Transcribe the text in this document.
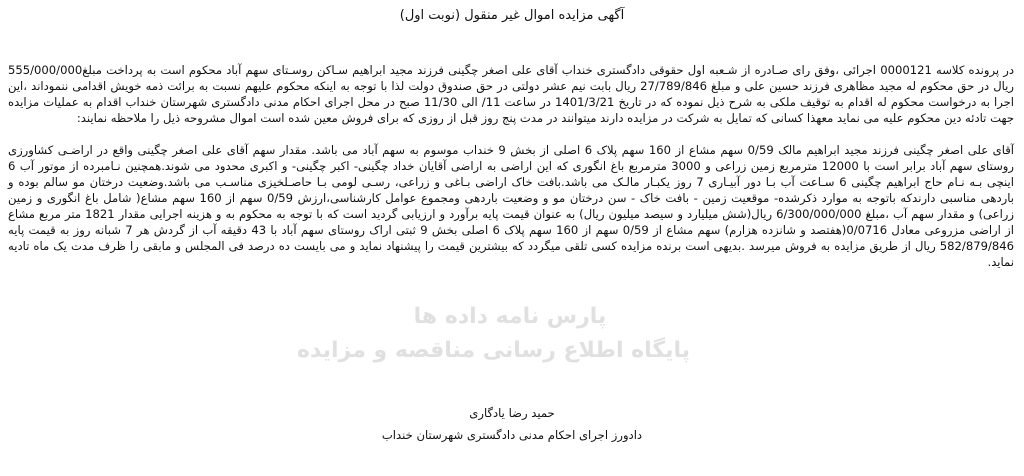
پارس نامه داده ها
پایگاه اطلاع رسانی مناقصه و مزایده
آگهی مزایده اموال غیر منقول (نوبت اول)

در پرونده کلاسه 0000121 اجرائی ،وفق رای صـادره از شـعبه اول حقوقی دادگستری خنداب آقای علی اصغر چگینی فرزند مجید ابراهیم سـاکن روسـتای سهم آباد محکوم است به پرداخت مبلغ555/000/000 ریال در حق محکوم له مجید مظاهری فرزند حسین علی و مبلغ 27/789/846 ریال بابت نیم عشر دولتی در حق صندوق دولت لذا با توجه به اینکه محکوم علیهم نسبت به برائت ذمه خویش اقدامی ننموداند ،این اجرا به درخواست محکوم له اقدام به توقیف ملکی به شرح ذیل نموده که در تاریخ 1401/3/21 در ساعت 11/ الی 11/30 صبح در محل اجرای احکام مدنی دادگستری شهرستان خنداب اقدام به عملیات مزایده جهت تادئه دین محکوم علیه می نماید معهذا کسانی که تمایل به شرکت در مزایده دارند میتوانند در مدت پنج روز قبل از روزی که برای فروش معین شده است اموال مشروحه ذیل را ملاحظه نمایند:

آقای علی اصغر چگینی فرزند مجید ابراهیم مالک 0/59 سهم مشاع از 160 سهم پلاک 6 اصلی از بخش 9 خنداب موسوم به سهم آباد می باشد. مقدار سهم آقای علی اصغر چگینی واقع در اراضـی کشاورزی روستای سهم آباد برابر است با 12000 مترمربع زمین زراعی و 3000 مترمربع باغ انگوری که این اراضی به اراضی آقایان خداد چگینی- اکبر چگینی- و اکبری محدود می شوند.همچنین نـامبرده از موتور آب 6 اینچی بـه نـام حاج ابراهیم چگینی 6 سـاعت آب بـا دور آبیـاری 7 روز یکبـار مالـک می باشد.بافت خاک اراضی بـاغی و زراعی، رسـی لومی بـا حاصـلخیزی مناسـب می باشد.وضعیت درختان مو سالم بوده و باردهی مناسبی دارندکه باتوجه به موارد ذکرشده- موقعیت زمین - بافت خاک - سن درختان مو و وضعیت باردهی ومجموع عوامل کارشناسی،ارزش 0/59 سهم از 160 سهم مشاع( شامل باغ انگوری و زمین زراعی) و مقدار سهم آب ،مبلغ 6/300/000/000 ریال(شش میلیارد و سیصد میلیون ریال) به عنوان قیمت پایه برآورد و ارزیابی گردید است که با توجه به محکوم به و هزینه اجرایی مقدار 1821 متر مربع مشاع از اراضی مزروعی معادل 0/0716(هفتصد و شانزده هزارم) سهم مشاع از 0/59 سهم از 160 سهم پلاک 6 اصلی بخش 9 ثبتی اراک روستای سهم آباد با 43 دقیقه آب از گردش هر 7 شبانه روز به قیمت پایه 582/879/846 ریال از طریق مزایده به فروش میرسد .بدیهی است برنده مزایده کسی تلقی میگردد که بیشترین قیمت را پیشنهاد نماید و می بایست ده درصد فی المجلس و مابقی را ظرف مدت یک ماه تادیه نماید.

حمید رضا یادگاری
دادورز اجرای احکام مدنی دادگستری شهرستان خنداب
